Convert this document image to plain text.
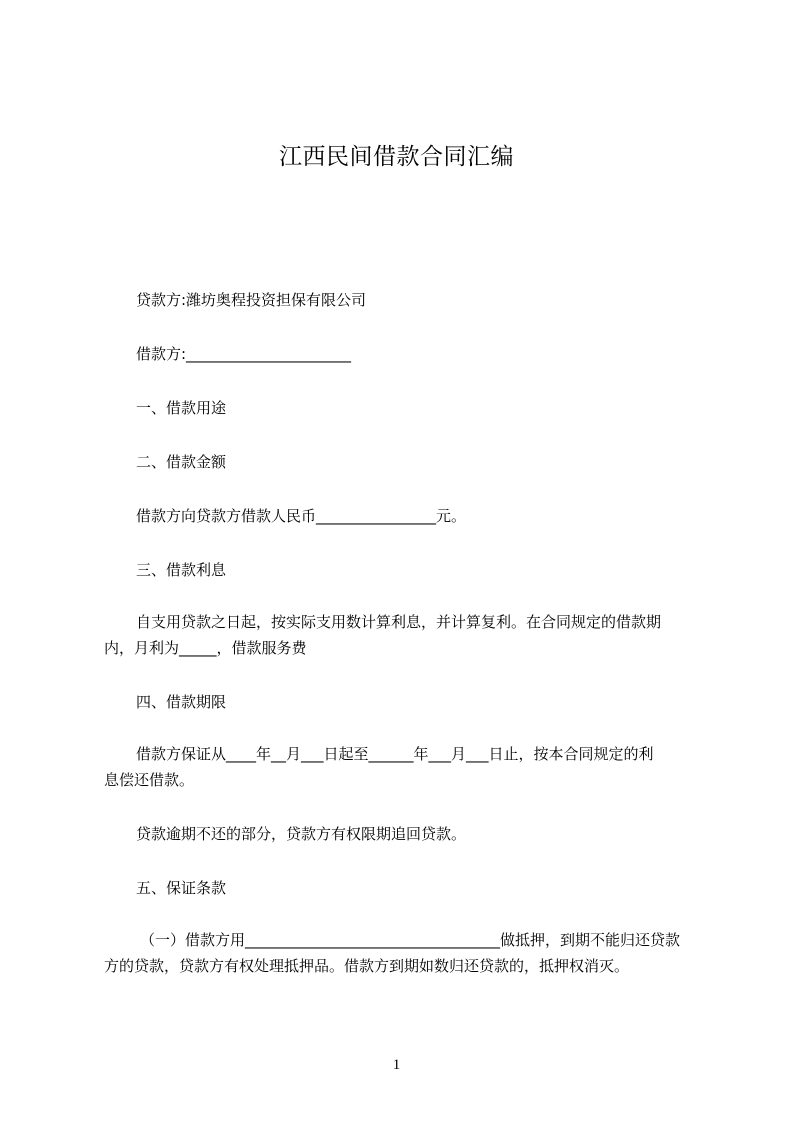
江西民间借款合同汇编
贷款方:潍坊奥程投资担保有限公司
借款方:______________________
一、借款用途
二、借款金额
借款方向贷款方借款人民币________________元。
三、借款利息
自支用贷款之日起，按实际支用数计算利息，并计算复利。在合同规定的借款期
内，月利为_____，借款服务费
四、借款期限
借款方保证从____年__月___日起至______年___月___日止，按本合同规定的利
息偿还借款。
贷款逾期不还的部分，贷款方有权限期追回贷款。
五、保证条款
（一）借款方用__________________________________做抵押，到期不能归还贷款
方的贷款，贷款方有权处理抵押品。借款方到期如数归还贷款的，抵押权消灭。
1
